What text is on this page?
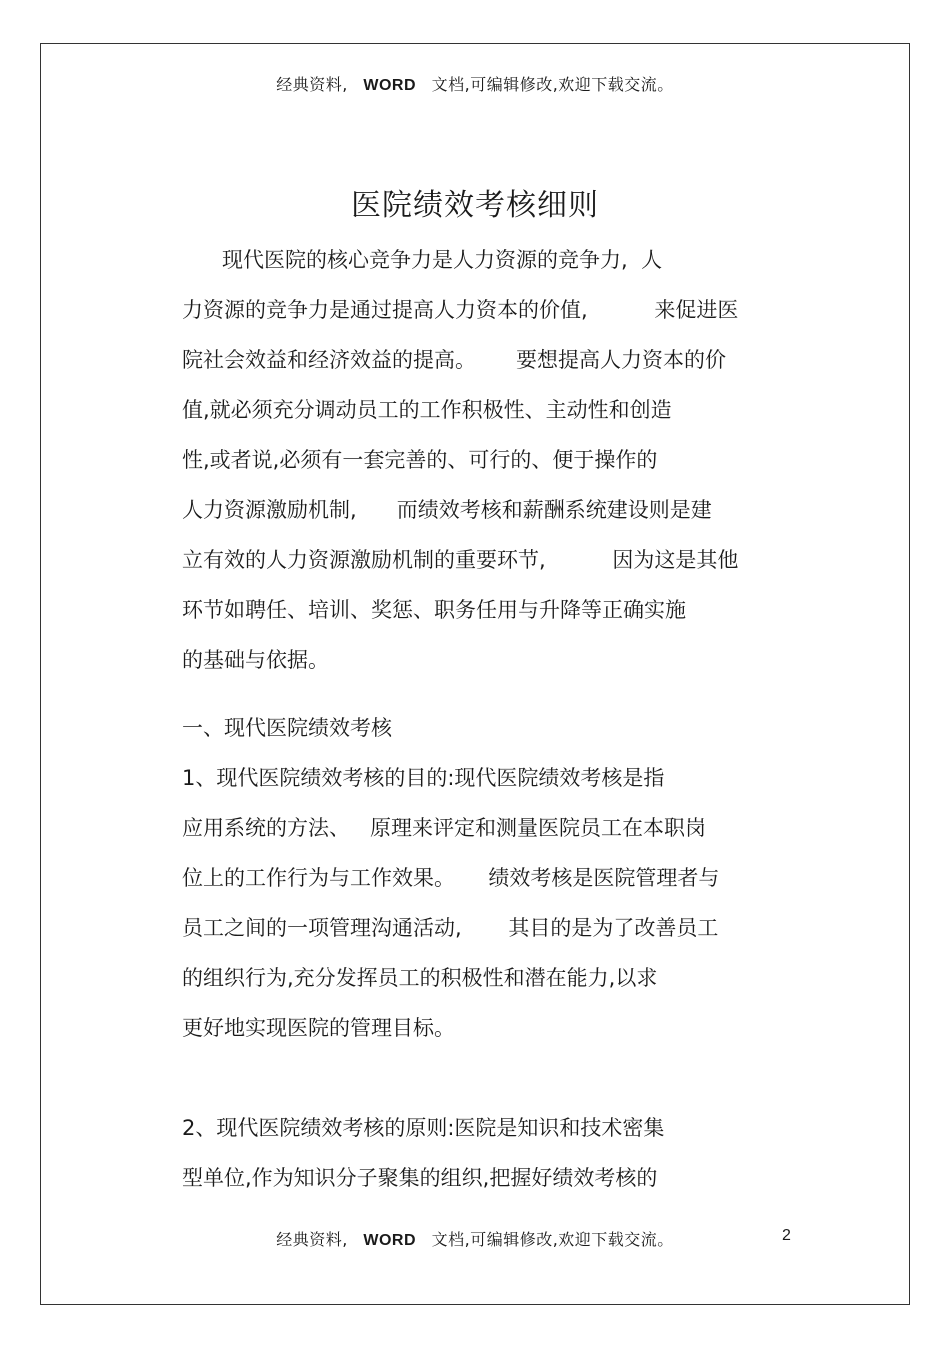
经典资料, WORD 文档,可编辑修改,欢迎下载交流。
医院绩效考核细则
现代医院的核心竞争力是人力资源的竞争力,  人
力资源的竞争力是通过提高人力资本的价值,          来促进医
院社会效益和经济效益的提高。      要想提高人力资本的价
值,就必须充分调动员工的工作积极性、主动性和创造
性,或者说,必须有一套完善的、可行的、便于操作的
人力资源激励机制,      而绩效考核和薪酬系统建设则是建
立有效的人力资源激励机制的重要环节,          因为这是其他
环节如聘任、培训、奖惩、职务任用与升降等正确实施
的基础与依据。
一、现代医院绩效考核
1、现代医院绩效考核的目的:现代医院绩效考核是指
应用系统的方法、   原理来评定和测量医院员工在本职岗
位上的工作行为与工作效果。     绩效考核是医院管理者与
员工之间的一项管理沟通活动,       其目的是为了改善员工
的组织行为,充分发挥员工的积极性和潜在能力,以求
更好地实现医院的管理目标。
2、现代医院绩效考核的原则:医院是知识和技术密集
型单位,作为知识分子聚集的组织,把握好绩效考核的
经典资料, WORD 文档,可编辑修改,欢迎下载交流。	2
